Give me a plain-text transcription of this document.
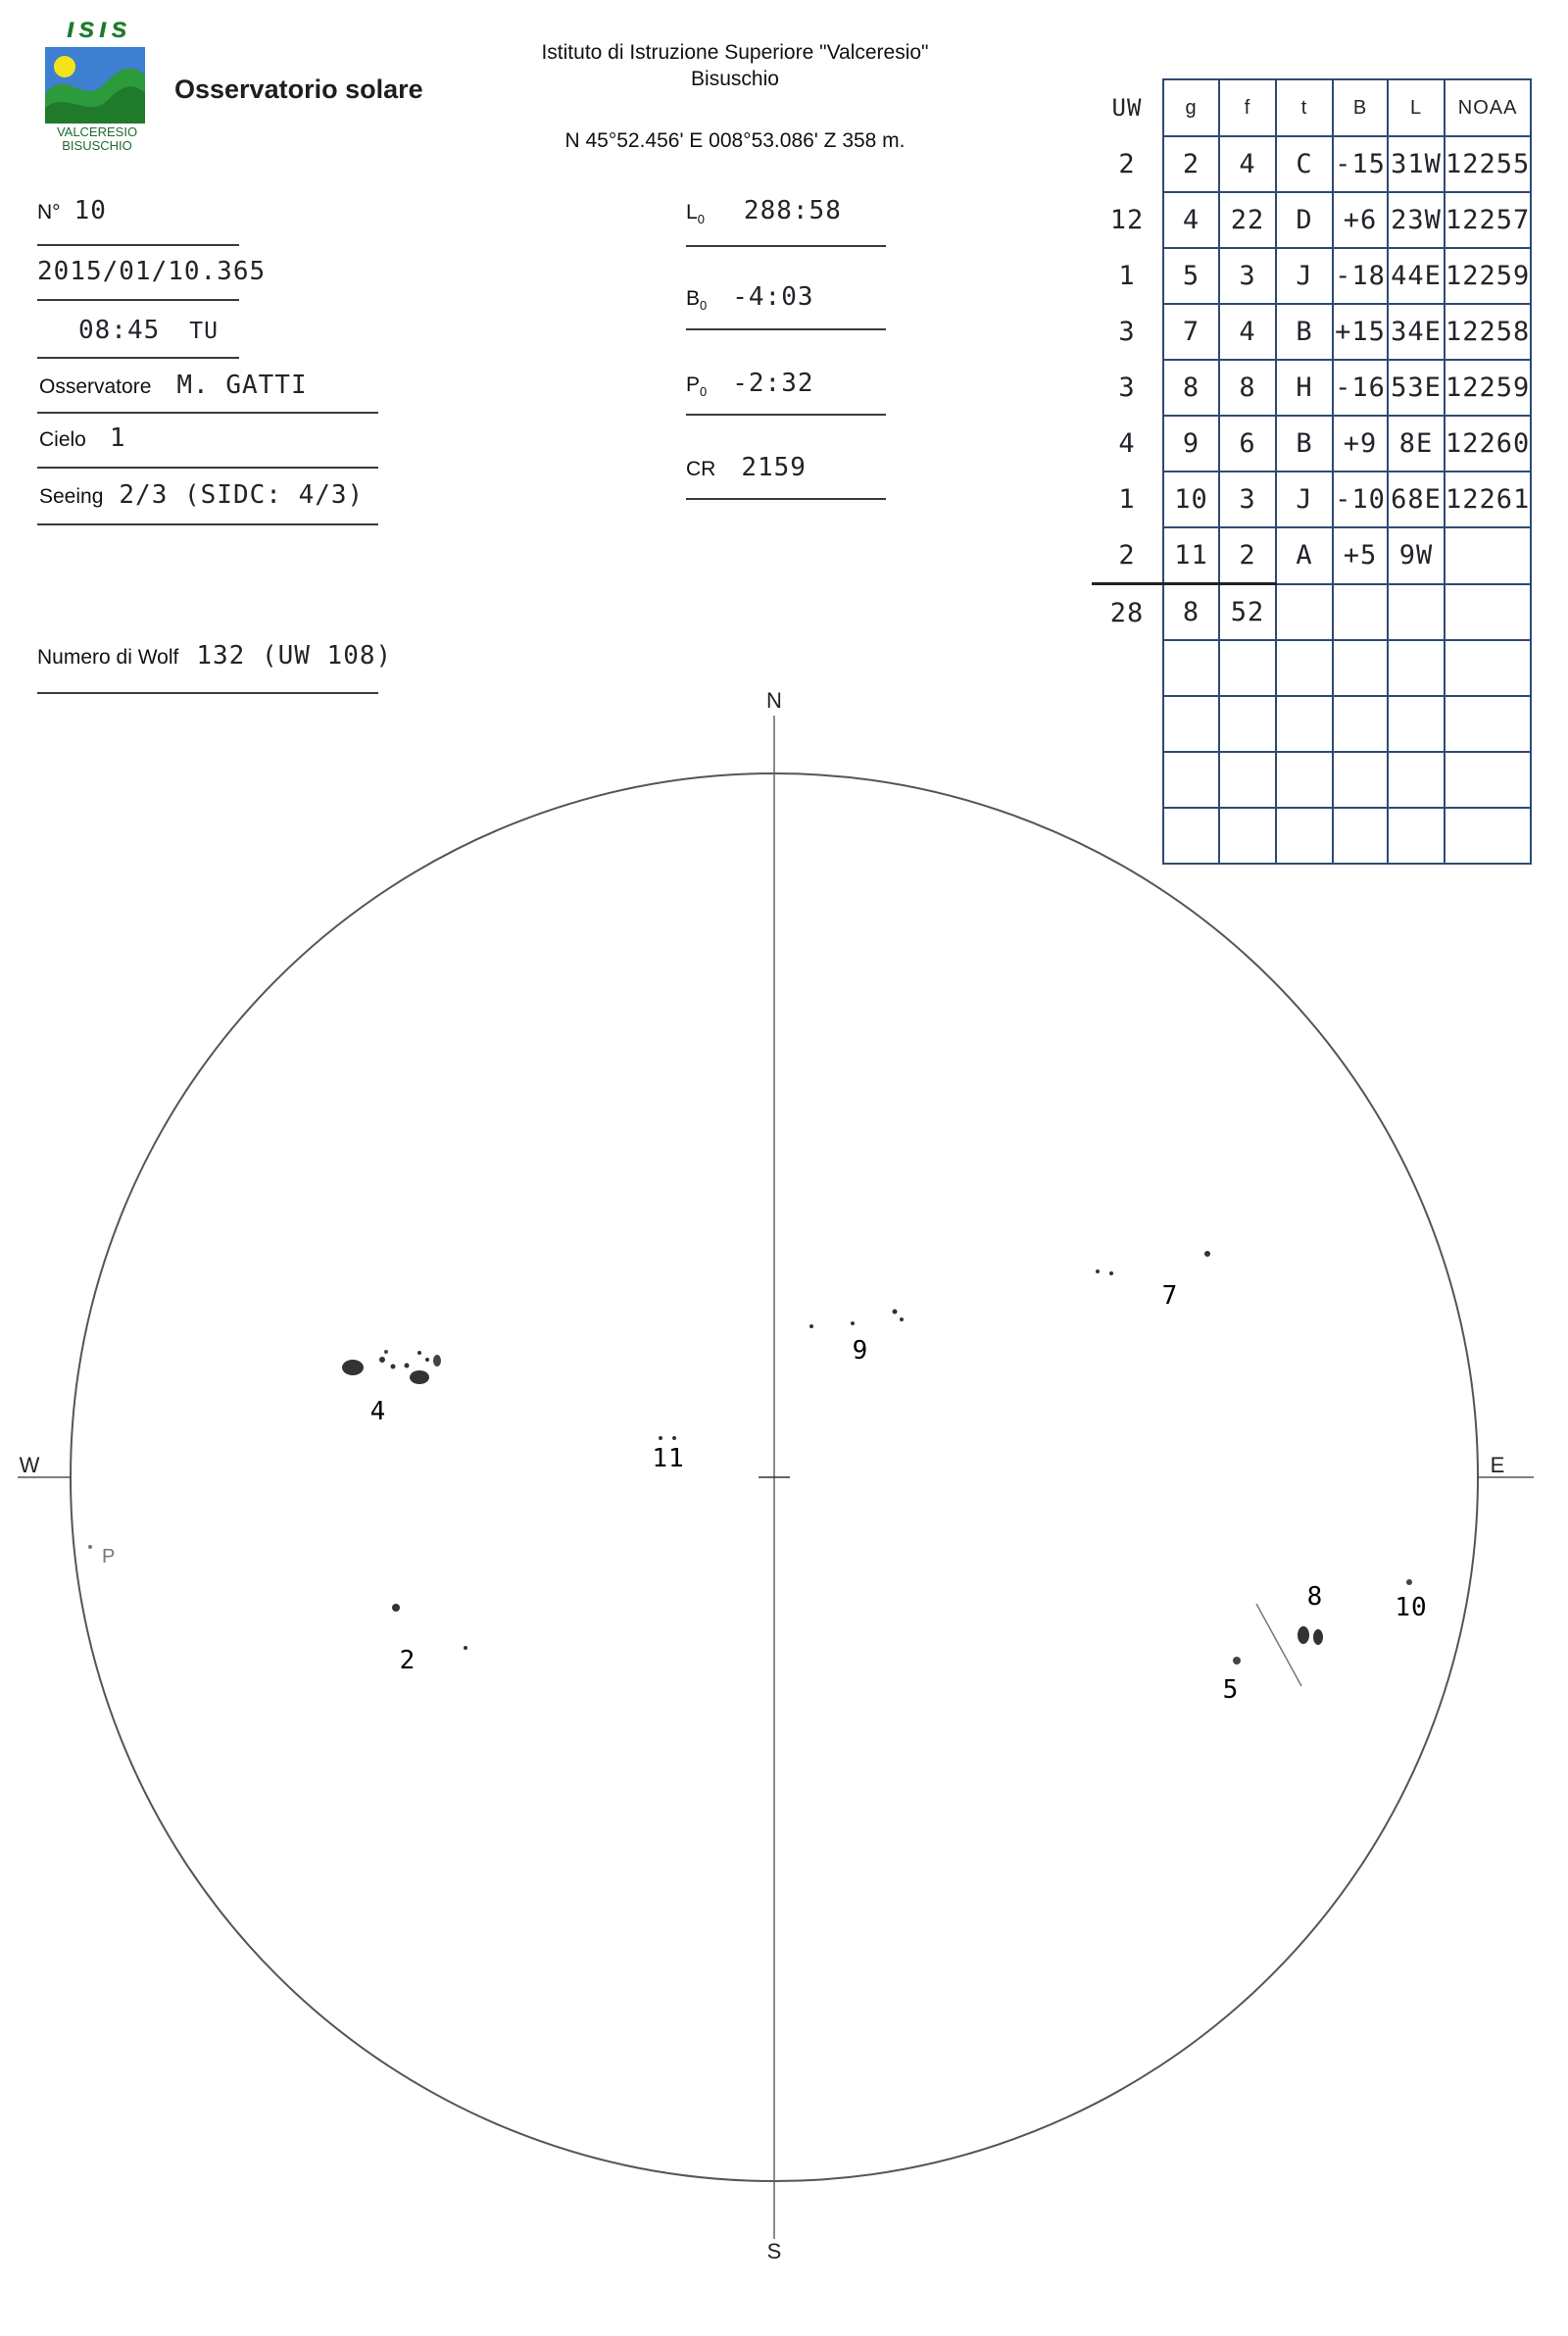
ısıs
VALCERESIO
BISUSCHIO
Osservatorio solare
Istituto di Istruzione Superiore "Valceresio"
Bisuschio
N 45°52.456' E 008°53.086' Z 358 m.
N° 10
2015/01/10.365
08:45 TU
Osservatore M. GATTI
Cielo 1
Seeing 2/3 (SIDC: 4/3)
Numero di Wolf 132 (UW 108)
$L_0$ 288:58
$B_0$ -4:03
$P_0$ -2:32
CR 2159
UW	g	f	t	B	L	NOAA
2	2	4	C	-15	31W	12255
12	4	22	D	+6	23W	12257
1	5	3	J	-18	44E	12259
3	7	4	B	+15	34E	12258
3	8	8	H	-16	53E	12259
4	9	6	B	+9	8E	12260
1	10	3	J	-10	68E	12261
2	11	2	A	+5	9W	
28	8	52				

N
S
W	E
P
4
11
9
7
2
5
8	10
